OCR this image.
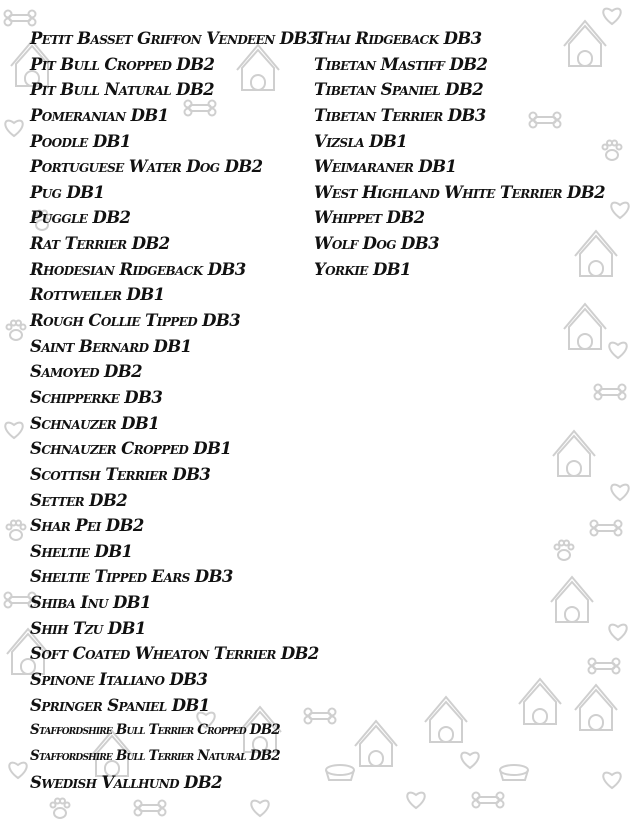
Petit Basset Griffon Vendeen DB3
Pit Bull Cropped DB2
Pit Bull Natural DB2
Pomeranian DB1
Poodle DB1
Portuguese Water Dog DB2
Pug DB1
Puggle DB2
Rat Terrier DB2
Rhodesian Ridgeback DB3
Rottweiler DB1
Rough Collie Tipped DB3
Saint Bernard DB1
Samoyed DB2
Schipperke DB3
Schnauzer DB1
Schnauzer Cropped DB1
Scottish Terrier DB3
Setter DB2
Shar Pei DB2
Sheltie DB1
Sheltie Tipped Ears DB3
Shiba Inu DB1
Shih Tzu DB1
Soft Coated Wheaton Terrier DB2
Spinone Italiano DB3
Springer Spaniel DB1
Staffordshire Bull Terrier Cropped DB2
Staffordshire Bull Terrier Natural DB2
Swedish Vallhund DB2
Thai Ridgeback DB3
Tibetan Mastiff DB2
Tibetan Spaniel DB2
Tibetan Terrier DB3
Vizsla DB1
Weimaraner DB1
West Highland White Terrier DB2
Whippet DB2
Wolf Dog DB3
Yorkie DB1
